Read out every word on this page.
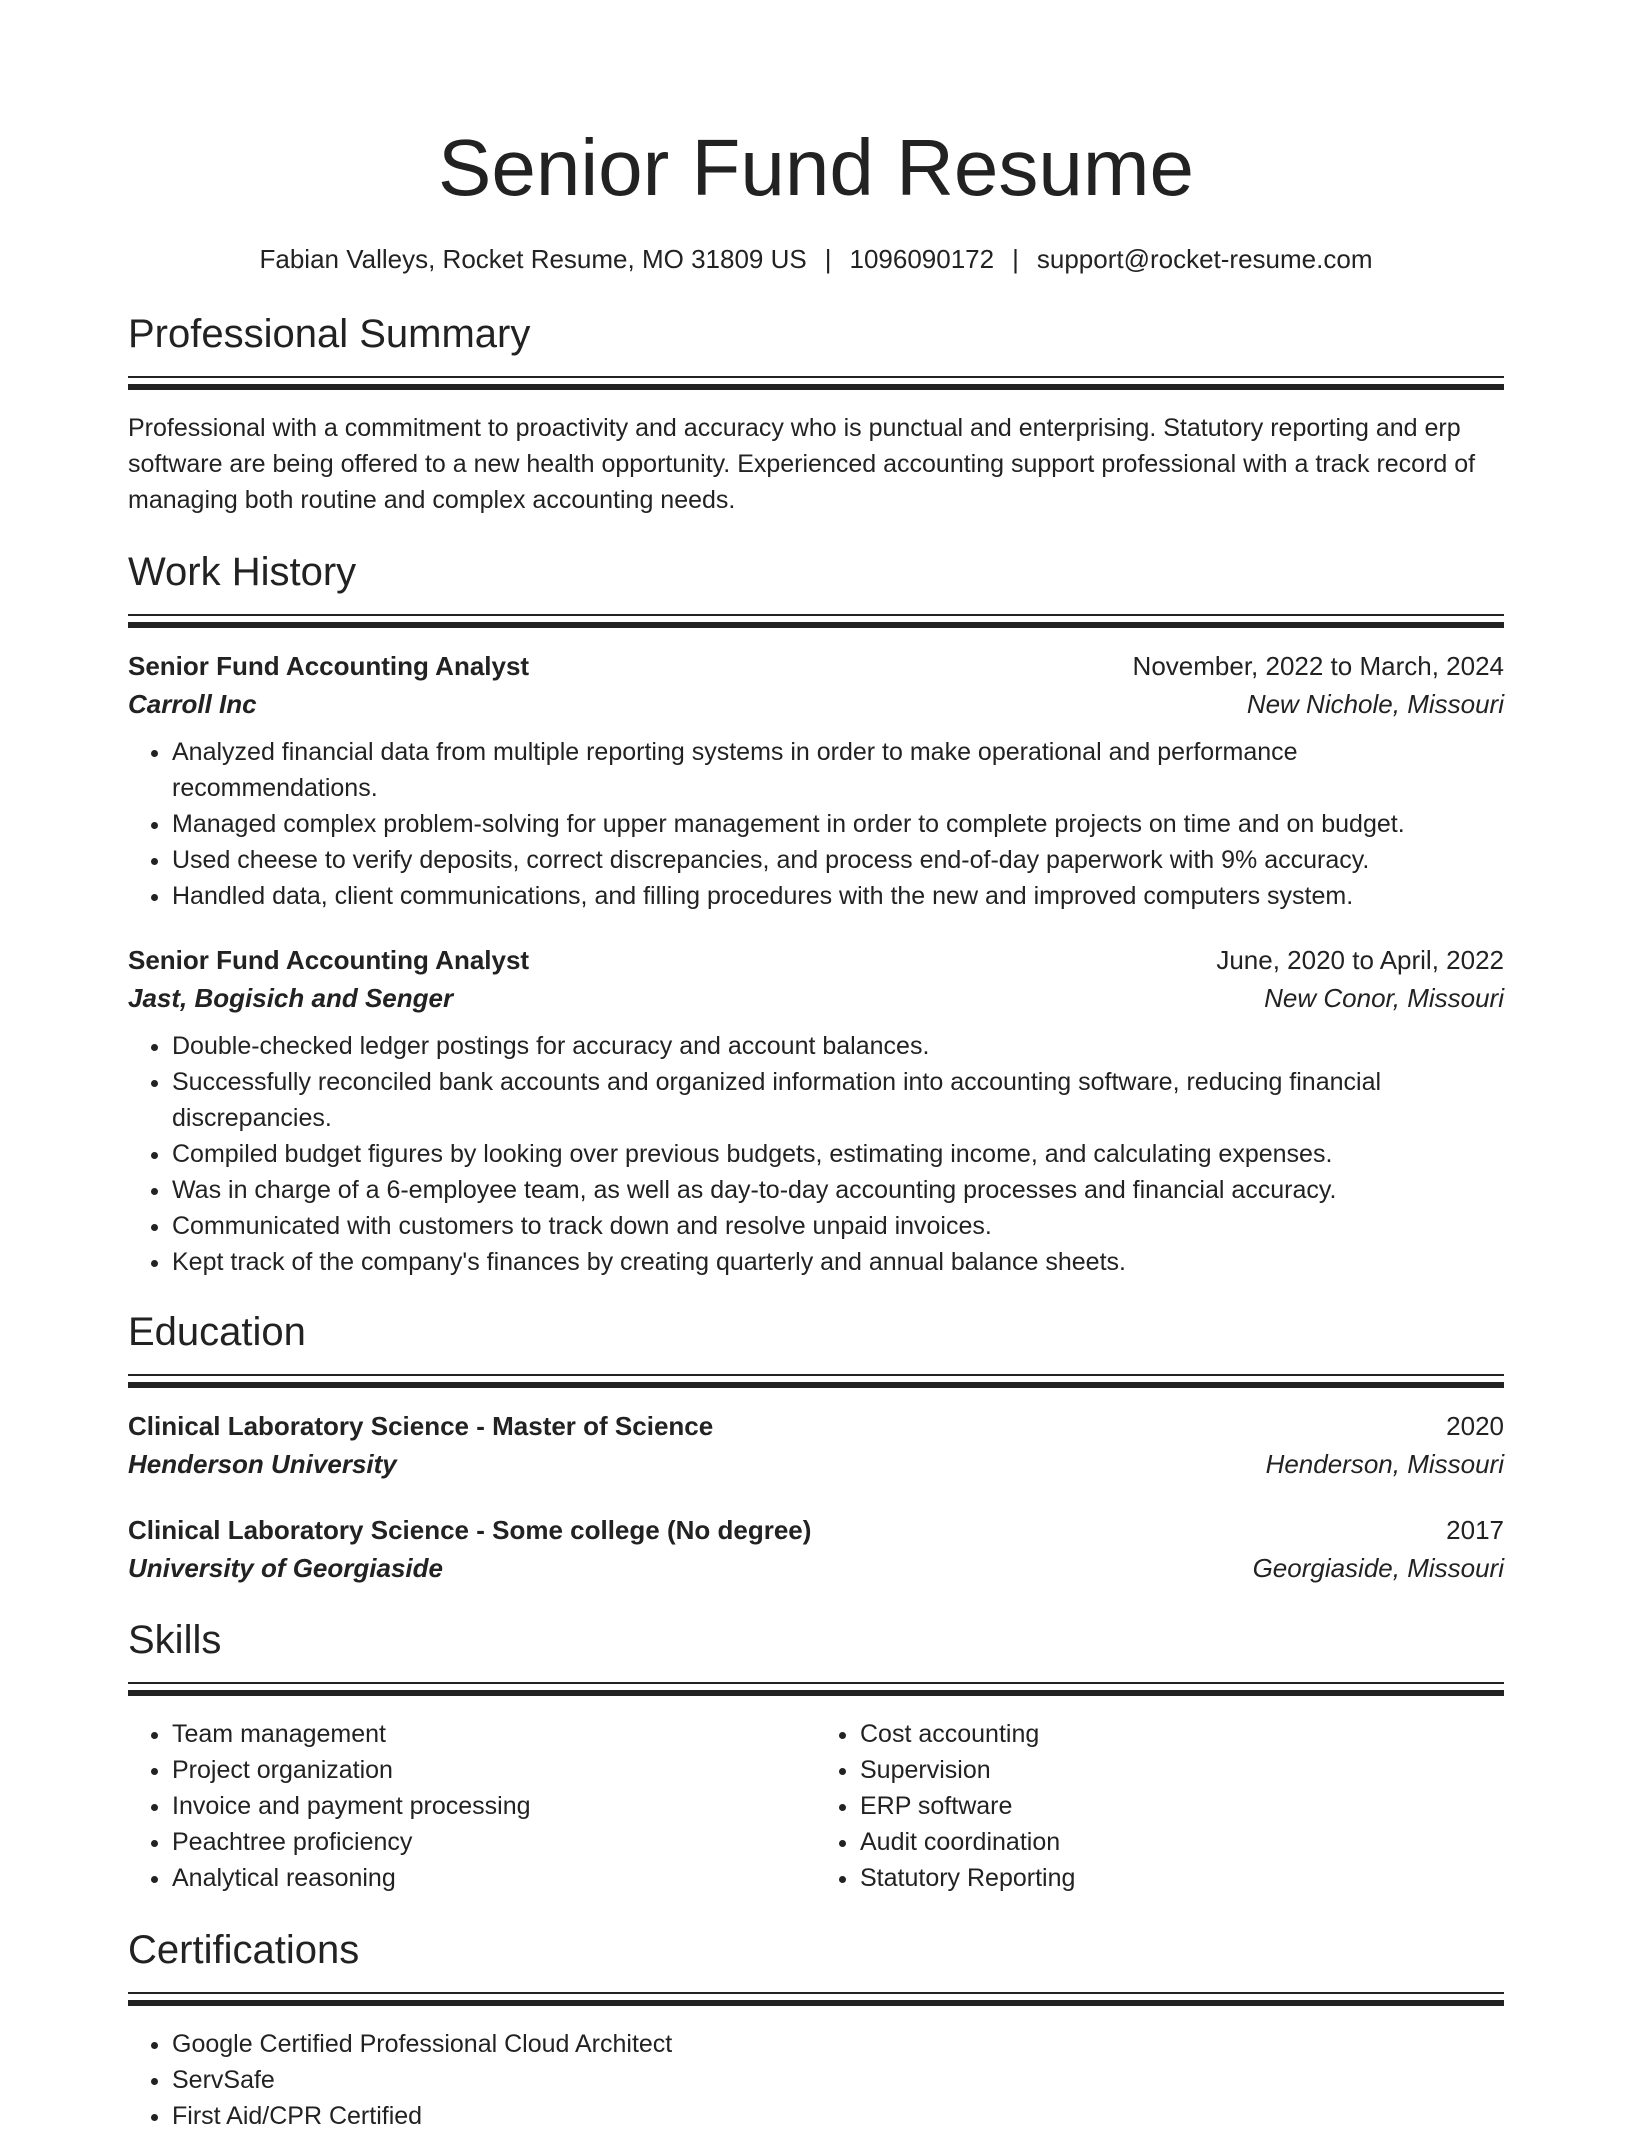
Senior Fund Resume
Fabian Valleys, Rocket Resume, MO 31809 US | 1096090172 | support@rocket-resume.com
Professional Summary

Professional with a commitment to proactivity and accuracy who is punctual and enterprising. Statutory reporting and erp software are being offered to a new health opportunity. Experienced accounting support professional with a track record of managing both routine and complex accounting needs.

Work History
Senior Fund Accounting Analyst	November, 2022 to March, 2024
Carroll Inc	New Nichole, Missouri
• Analyzed financial data from multiple reporting systems in order to make operational and performance recommendations.
• Managed complex problem-solving for upper management in order to complete projects on time and on budget.
• Used cheese to verify deposits, correct discrepancies, and process end-of-day paperwork with 9% accuracy.
• Handled data, client communications, and filling procedures with the new and improved computers system.
Senior Fund Accounting Analyst	June, 2020 to April, 2022
Jast, Bogisich and Senger	New Conor, Missouri
• Double-checked ledger postings for accuracy and account balances.
• Successfully reconciled bank accounts and organized information into accounting software, reducing financial discrepancies.
• Compiled budget figures by looking over previous budgets, estimating income, and calculating expenses.
• Was in charge of a 6-employee team, as well as day-to-day accounting processes and financial accuracy.
• Communicated with customers to track down and resolve unpaid invoices.
• Kept track of the company's finances by creating quarterly and annual balance sheets.
Education
Clinical Laboratory Science - Master of Science	2020
Henderson University	Henderson, Missouri
Clinical Laboratory Science - Some college (No degree)	2017
University of Georgiaside	Georgiaside, Missouri
Skills
• Team management
• Project organization
• Invoice and payment processing
• Peachtree proficiency
• Analytical reasoning
• Cost accounting
• Supervision
• ERP software
• Audit coordination
• Statutory Reporting
Certifications
• Google Certified Professional Cloud Architect
• ServSafe
• First Aid/CPR Certified
